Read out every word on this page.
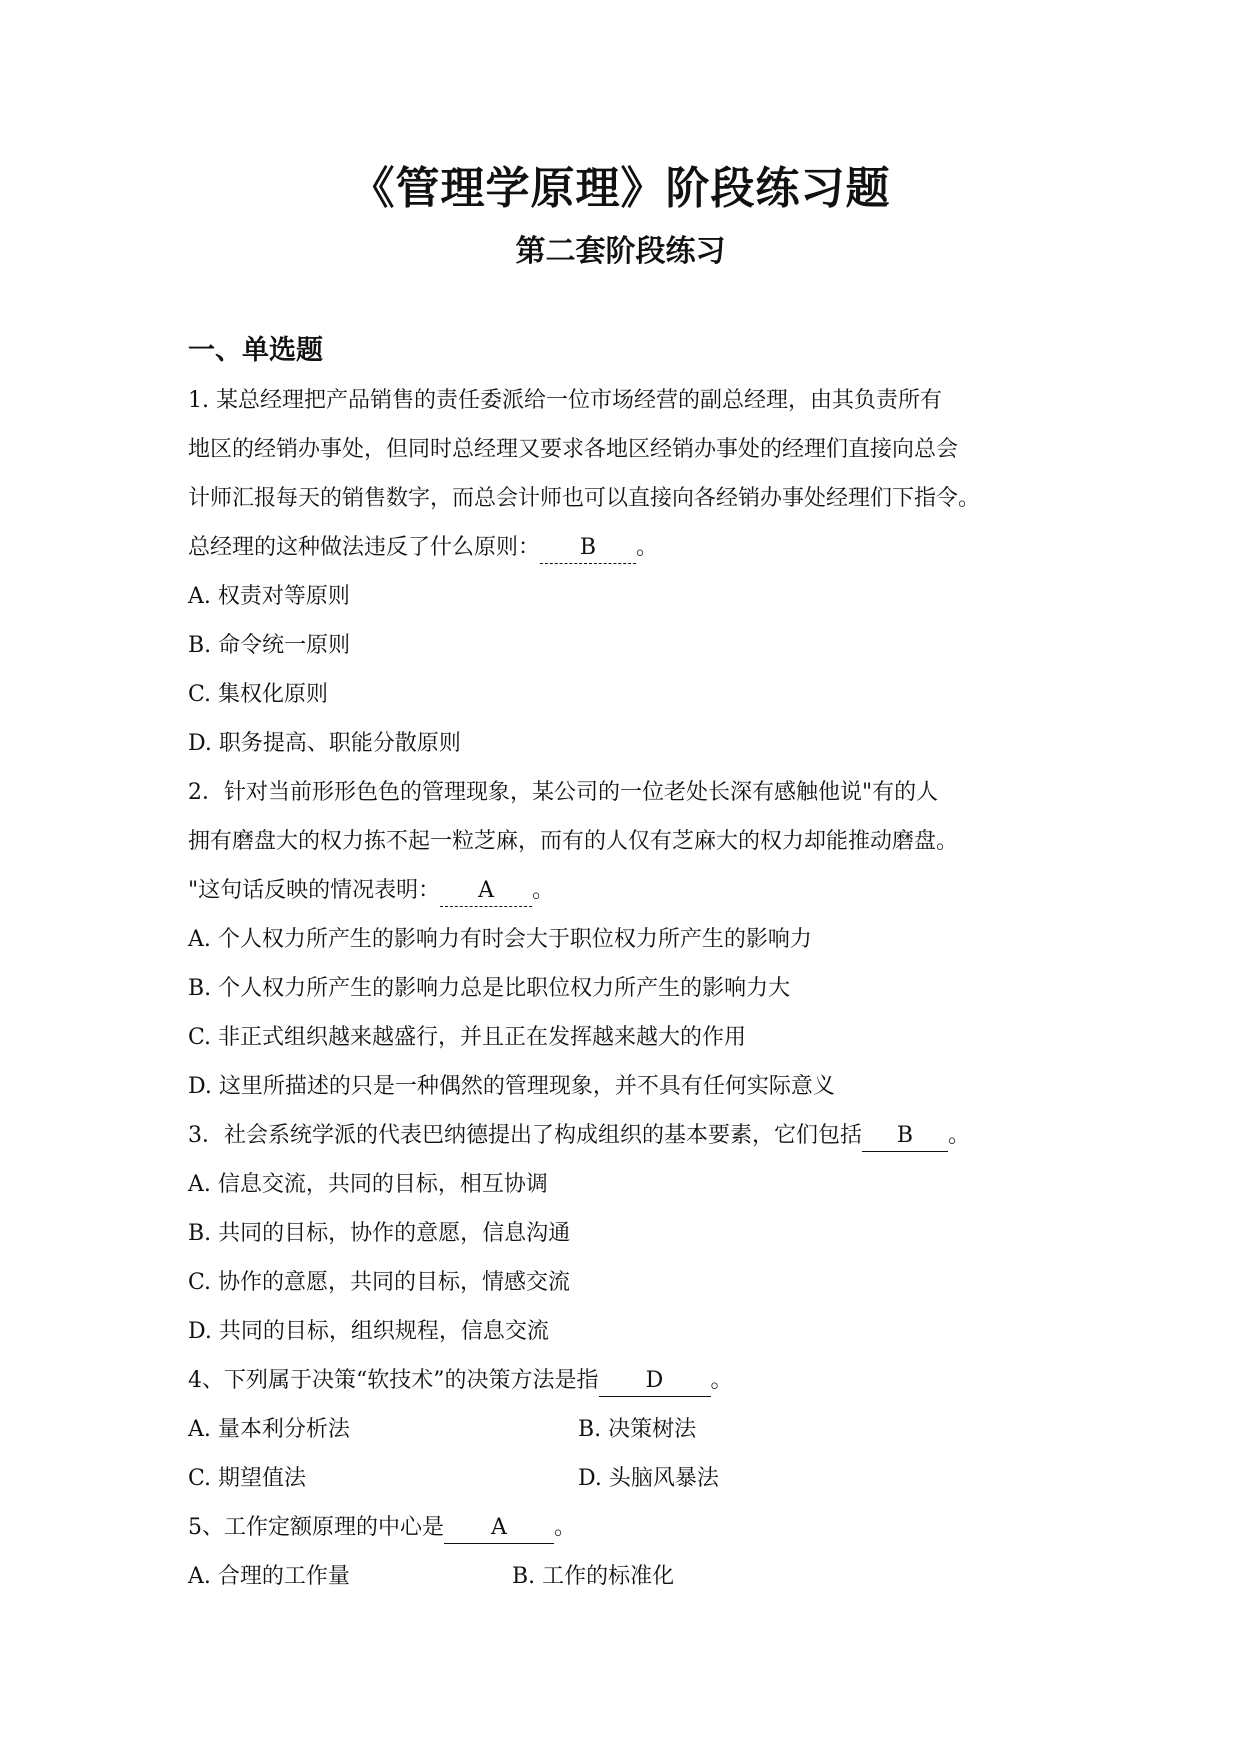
《管理学原理》阶段练习题
第二套阶段练习
一、单选题
1. 某总经理把产品销售的责任委派给一位市场经营的副总经理，由其负责所有
地区的经销办事处，但同时总经理又要求各地区经销办事处的经理们直接向总会
计师汇报每天的销售数字，而总会计师也可以直接向各经销办事处经理们下指令。
总经理的这种做法违反了什么原则： B 。
A. 权责对等原则
B. 命令统一原则
C. 集权化原则
D. 职务提高、职能分散原则
2．针对当前形形色色的管理现象，某公司的一位老处长深有感触他说"有的人
拥有磨盘大的权力拣不起一粒芝麻，而有的人仅有芝麻大的权力却能推动磨盘。
"这句话反映的情况表明： A 。
A. 个人权力所产生的影响力有时会大于职位权力所产生的影响力
B. 个人权力所产生的影响力总是比职位权力所产生的影响力大
C. 非正式组织越来越盛行，并且正在发挥越来越大的作用
D. 这里所描述的只是一种偶然的管理现象，并不具有任何实际意义
3．社会系统学派的代表巴纳德提出了构成组织的基本要素，它们包括 B 。
A. 信息交流，共同的目标，相互协调
B. 共同的目标，协作的意愿，信息沟通
C. 协作的意愿，共同的目标，情感交流
D. 共同的目标，组织规程，信息交流
4、下列属于决策“软技术”的决策方法是指 D 。
A. 量本利分析法	B. 决策树法
C. 期望值法	D. 头脑风暴法
5、工作定额原理的中心是 A 。
A. 合理的工作量	B. 工作的标准化
